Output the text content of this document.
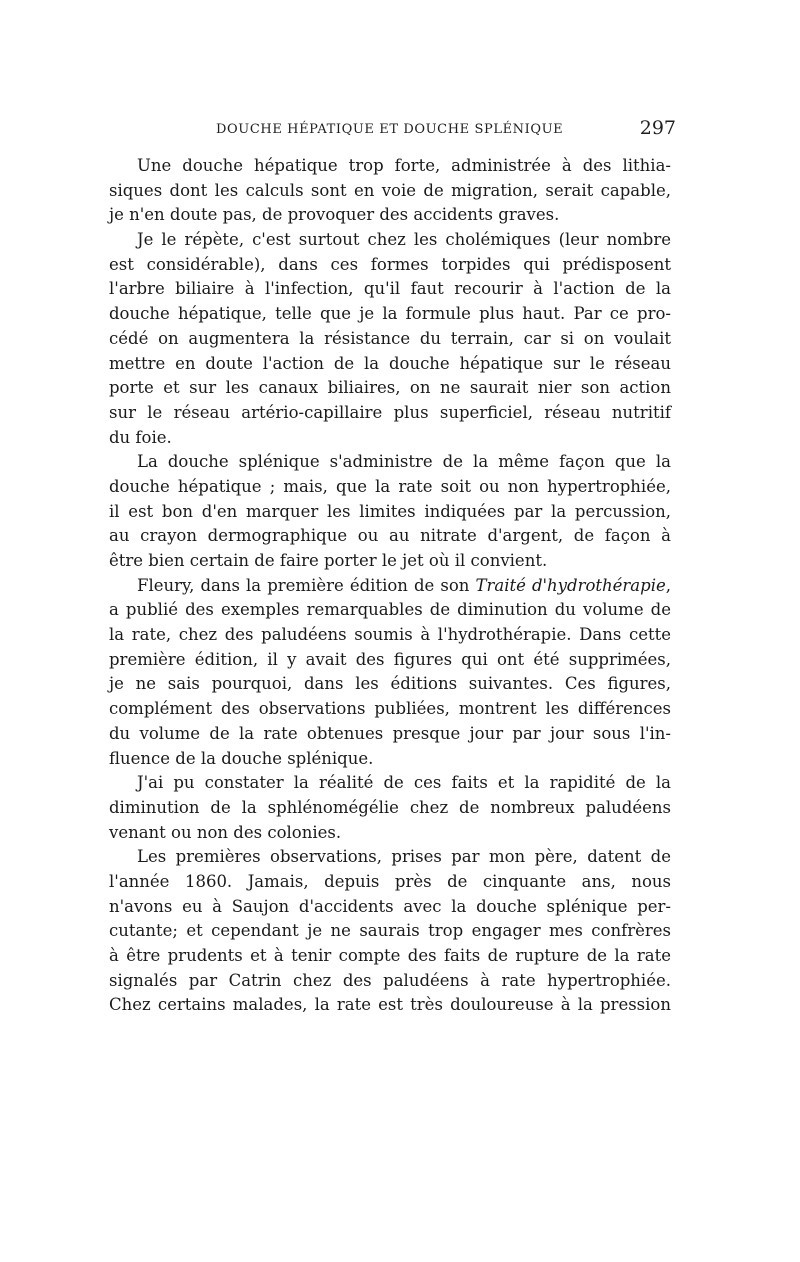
DOUCHE HÉPATIQUE ET DOUCHE SPLÉNIQUE	297
Une douche hépatique trop forte, administrée à des lithia-
siques dont les calculs sont en voie de migration, serait capable,
je n'en doute pas, de provoquer des accidents graves.
Je le répète, c'est surtout chez les cholémiques (leur nombre
est considérable), dans ces formes torpides qui prédisposent
l'arbre biliaire à l'infection, qu'il faut recourir à l'action de la
douche hépatique, telle que je la formule plus haut. Par ce pro-
cédé on augmentera la résistance du terrain, car si on voulait
mettre en doute l'action de la douche hépatique sur le réseau
porte et sur les canaux biliaires, on ne saurait nier son action
sur le réseau artério-capillaire plus superficiel, réseau nutritif
du foie.
La douche splénique s'administre de la même façon que la
douche hépatique ; mais, que la rate soit ou non hypertrophiée,
il est bon d'en marquer les limites indiquées par la percussion,
au crayon dermographique ou au nitrate d'argent, de façon à
être bien certain de faire porter le jet où il convient.
Fleury, dans la première édition de son Traité d'hydrothérapie,
a publié des exemples remarquables de diminution du volume de
la rate, chez des paludéens soumis à l'hydrothérapie. Dans cette
première édition, il y avait des figures qui ont été supprimées,
je ne sais pourquoi, dans les éditions suivantes. Ces figures,
complément des observations publiées, montrent les différences
du volume de la rate obtenues presque jour par jour sous l'in-
fluence de la douche splénique.
J'ai pu constater la réalité de ces faits et la rapidité de la
diminution de la sphlénomégélie chez de nombreux paludéens
venant ou non des colonies.
Les premières observations, prises par mon père, datent de
l'année 1860. Jamais, depuis près de cinquante ans, nous
n'avons eu à Saujon d'accidents avec la douche splénique per-
cutante; et cependant je ne saurais trop engager mes confrères
à être prudents et à tenir compte des faits de rupture de la rate
signalés par Catrin chez des paludéens à rate hypertrophiée.
Chez certains malades, la rate est très douloureuse à la pression
